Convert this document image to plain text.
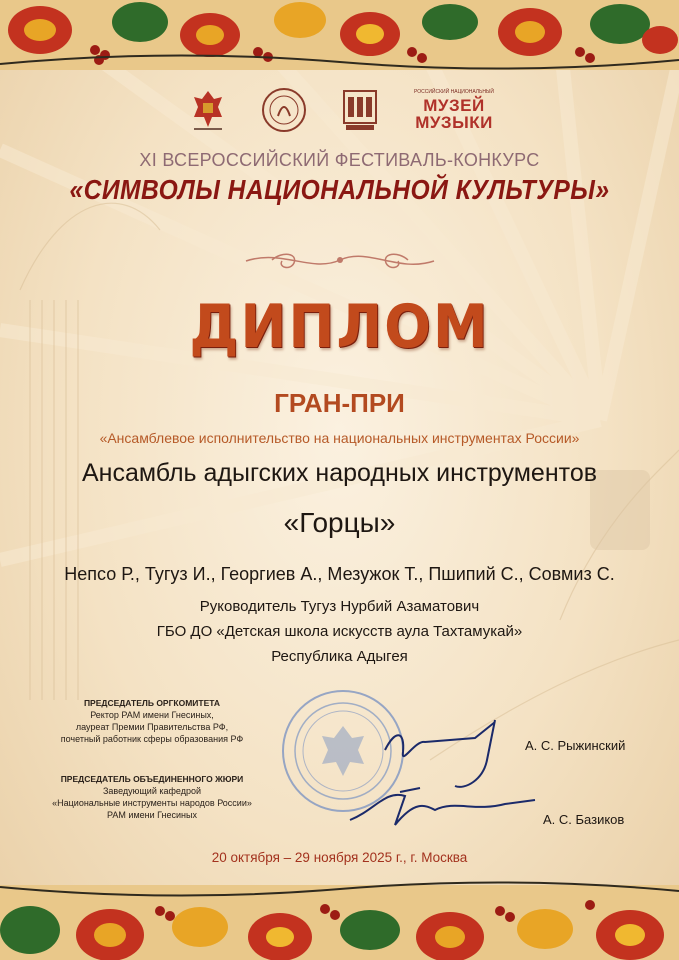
РОССИЙСКИЙ НАЦИОНАЛЬНЫЙ
МУЗЕЙ
МУЗЫКИ
XI ВСЕРОССИЙСКИЙ ФЕСТИВАЛЬ-КОНКУРС
«СИМВОЛЫ НАЦИОНАЛЬНОЙ КУЛЬТУРЫ»
ДИПЛОМ
ГРАН-ПРИ
«Ансамблевое исполнительство на национальных инструментах России»
Ансамбль адыгских народных инструментов
«Горцы»
Непсо Р., Тугуз И., Георгиев А., Мезужок Т., Пшипий С., Совмиз С.
Руководитель Тугуз Нурбий Азаматович
ГБО ДО «Детская школа искусств аула Тахтамукай»
Республика Адыгея
ПРЕДСЕДАТЕЛЬ ОРГКОМИТЕТА
Ректор РАМ имени Гнесиных,
лауреат Премии Правительства РФ,
почетный работник сферы образования РФ	А. С. Рыжинский
ПРЕДСЕДАТЕЛЬ ОБЪЕДИНЕННОГО ЖЮРИ
Заведующий кафедрой
«Национальные инструменты народов России»
РАМ имени Гнесиных	А. С. Базиков
20 октября – 29 ноября 2025 г., г. Москва
